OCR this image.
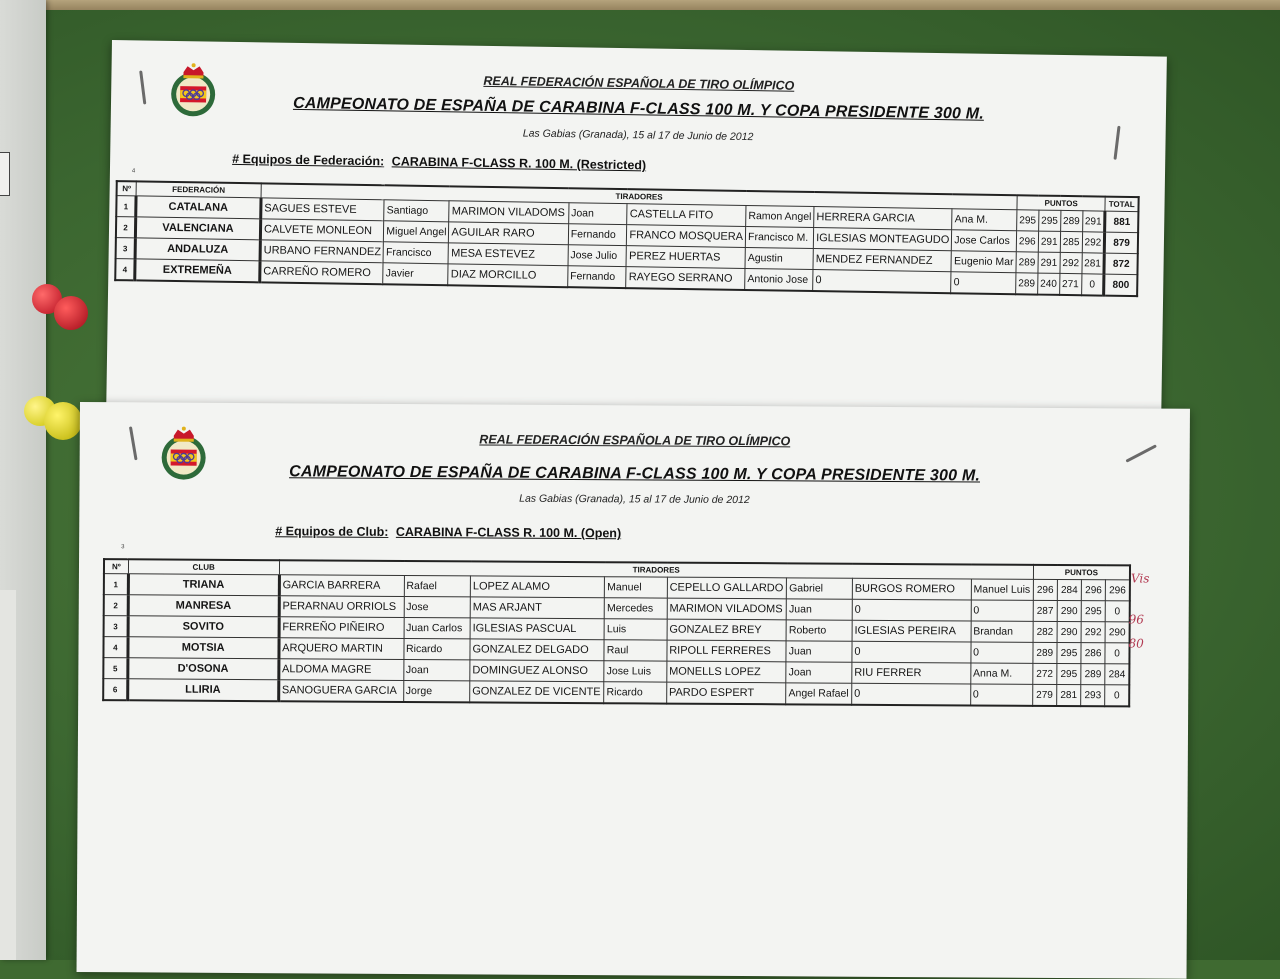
REAL FEDERACIÓN ESPAÑOLA DE TIRO OLÍMPICO
CAMPEONATO DE ESPAÑA DE CARABINA F-CLASS 100 M. Y COPA PRESIDENTE 300 M.
Las Gabias (Granada), 15 al 17 de Junio de 2012
# Equipos de Federación: CARABINA F-CLASS R. 100 M. (Restricted)
4
Nº	FEDERACIÓN	TIRADORES								PUNTOS				TOTAL
1	CATALANA	SAGUES ESTEVE	Santiago	MARIMON VILADOMS	Joan	CASTELLA FITO	Ramon Angel	HERRERA GARCIA	Ana M.	295	295	289	291	881
2	VALENCIANA	CALVETE MONLEON	Miguel Angel	AGUILAR RARO	Fernando	FRANCO MOSQUERA	Francisco M.	IGLESIAS MONTEAGUDO	Jose Carlos	296	291	285	292	879
3	ANDALUZA	URBANO FERNANDEZ	Francisco	MESA ESTEVEZ	Jose Julio	PEREZ HUERTAS	Agustin	MENDEZ FERNANDEZ	Eugenio Mar	289	291	292	281	872
4	EXTREMEÑA	CARREÑO ROMERO	Javier	DIAZ MORCILLO	Fernando	RAYEGO SERRANO	Antonio Jose	0	0	289	240	271	0	800
REAL FEDERACIÓN ESPAÑOLA DE TIRO OLÍMPICO
CAMPEONATO DE ESPAÑA DE CARABINA F-CLASS 100 M. Y COPA PRESIDENTE 300 M.
Las Gabias (Granada), 15 al 17 de Junio de 2012
# Equipos de Club: CARABINA F-CLASS R. 100 M. (Open)
3
Nº	CLUB	TIRADORES								PUNTOS			
1	TRIANA	GARCIA BARRERA	Rafael	LOPEZ ALAMO	Manuel	CEPELLO GALLARDO	Gabriel	BURGOS ROMERO	Manuel Luis	296	284	296	296
2	MANRESA	PERARNAU ORRIOLS	Jose	MAS ARJANT	Mercedes	MARIMON VILADOMS	Juan	0	0	287	290	295	0
3	SOVITO	FERREÑO PIÑEIRO	Juan Carlos	IGLESIAS PASCUAL	Luis	GONZALEZ BREY	Roberto	IGLESIAS PEREIRA	Brandan	282	290	292	290
4	MOTSIA	ARQUERO MARTIN	Ricardo	GONZALEZ DELGADO	Raul	RIPOLL FERRERES	Juan	0	0	289	295	286	0
5	D'OSONA	ALDOMA MAGRE	Joan	DOMINGUEZ ALONSO	Jose Luis	MONELLS LOPEZ	Joan	RIU FERRER	Anna M.	272	295	289	284
6	LLIRIA	SANOGUERA GARCIA	Jorge	GONZALEZ DE VICENTE	Ricardo	PARDO ESPERT	Angel Rafael	0	0	279	281	293	0
Vis
96
80
